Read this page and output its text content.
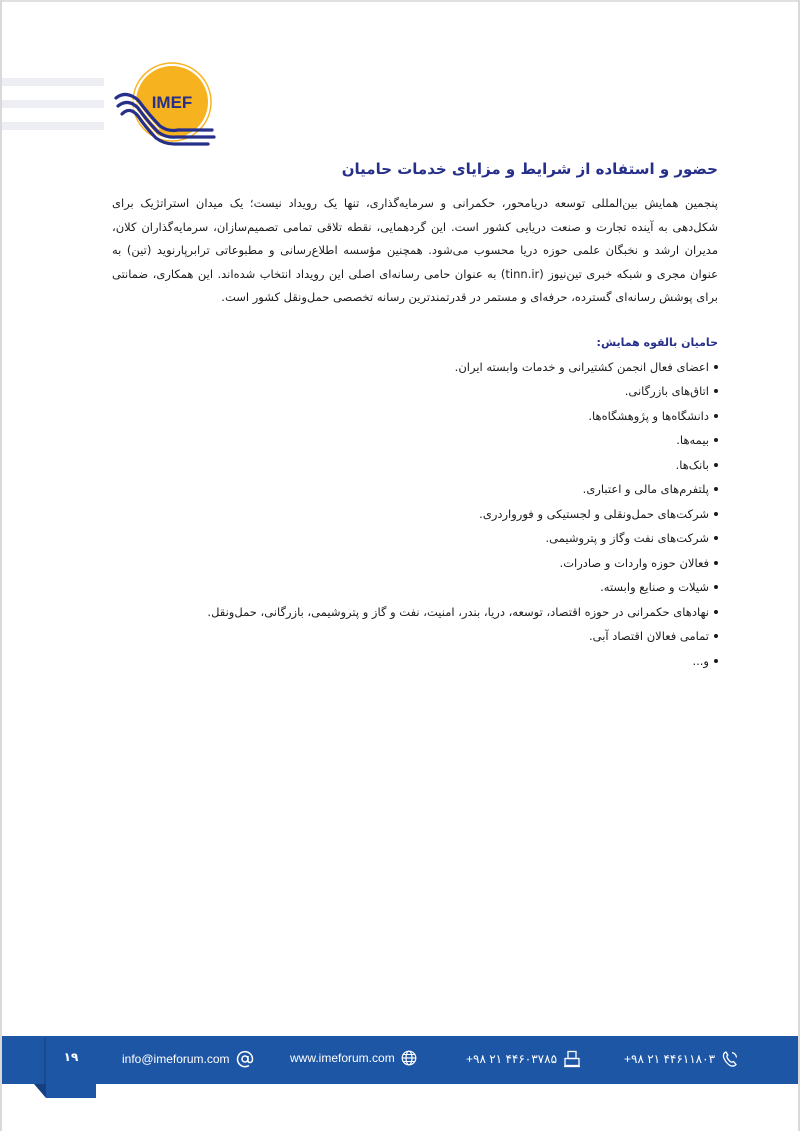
IMEF
حضور و استفاده از شرایط و مزایای خدمات حامیان

پنجمین همایش بین‌المللی توسعه دریامحور، حکمرانی و سرمایه‌گذاری، تنها یک رویداد نیست؛ یک میدان استراتژیک برای شکل‌دهی به آینده تجارت و صنعت دریایی کشور است. این گردهمایی، نقطه تلاقی تمامی تصمیم‌سازان، سرمایه‌گذاران کلان، مدیران ارشد و نخبگان علمی حوزه دریا محسوب می‌شود. همچنین مؤسسه اطلاع‌رسانی و مطبوعاتی ترابرپارنوید (تین) به عنوان مجری و شبکه خبری تین‌نیوز (tinn.ir) به عنوان حامی رسانه‌ای اصلی این رویداد انتخاب شده‌اند. این همکاری، ضمانتی برای پوشش رسانه‌ای گسترده، حرفه‌ای و مستمر در قدرتمندترین رسانه تخصصی حمل‌ونقل کشور است.

حامیان بالقوه همایش:
اعضای فعال انجمن کشتیرانی و خدمات وابسته ایران.
اتاق‌های بازرگانی.
دانشگاه‌ها و پژوهشگاه‌ها.
بیمه‌ها.
بانک‌ها.
پلتفرم‌های مالی و اعتباری.
شرکت‌های حمل‌ونقلی و لجستیکی و فورواردری.
شرکت‌های نفت وگاز و پتروشیمی.
فعالان حوزه واردات و صادرات.
شیلات و صنایع وابسته.
نهادهای حکمرانی در حوزه اقتصاد، توسعه، دریا، بندر، امنیت، نفت و گاز و پتروشیمی، بازرگانی، حمل‌ونقل.
تمامی فعالان اقتصاد آبی.
و...
۱۹	info@imeforum.com	www.imeforum.com	+۹۸ ۲۱ ۴۴۶۰۳۷۸۵	+۹۸ ۲۱ ۴۴۶۱۱۸۰۳
